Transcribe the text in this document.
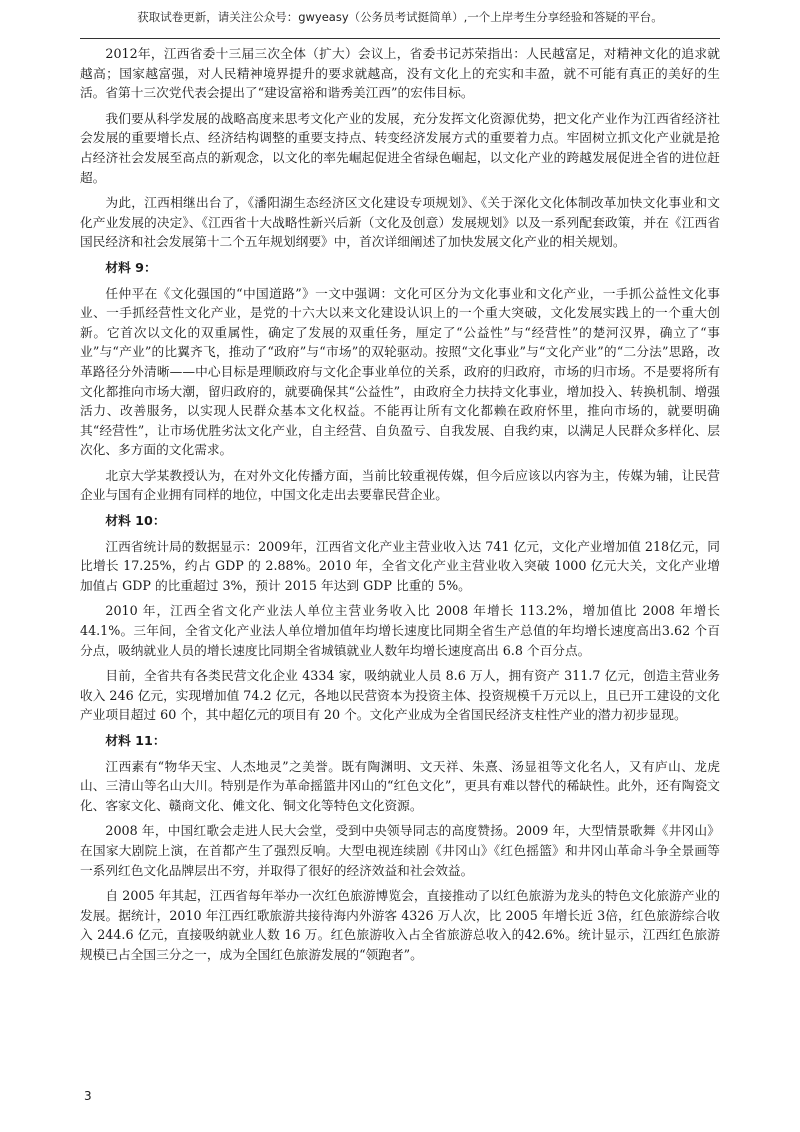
获取试卷更新，请关注公众号：gwyeasy（公务员考试挺简单）,一个上岸考生分享经验和答疑的平台。

2012年，江西省委十三届三次全体（扩大）会议上，省委书记苏荣指出：人民越富足，对精神文化的追求就越高；国家越富强，对人民精神境界提升的要求就越高，没有文化上的充实和丰盈，就不可能有真正的美好的生活。省第十三次党代表会提出了“建设富裕和谐秀美江西”的宏伟目标。

我们要从科学发展的战略高度来思考文化产业的发展，充分发挥文化资源优势，把文化产业作为江西省经济社会发展的重要增长点、经济结构调整的重要支持点、转变经济发展方式的重要着力点。牢固树立抓文化产业就是抢占经济社会发展至高点的新观念，以文化的率先崛起促进全省绿色崛起，以文化产业的跨越发展促进全省的进位赶超。

为此，江西相继出台了，《潘阳湖生态经济区文化建设专项规划》、《关于深化文化体制改革加快文化事业和文化产业发展的决定》、《江西省十大战略性新兴后新（文化及创意）发展规划》以及一系列配套政策，并在《江西省国民经济和社会发展第十二个五年规划纲要》中，首次详细阐述了加快发展文化产业的相关规划。

材料 9：

任仲平在《文化强国的“中国道路”》一文中强调：文化可区分为文化事业和文化产业，一手抓公益性文化事业、一手抓经营性文化产业，是党的十六大以来文化建设认识上的一个重大突破，文化发展实践上的一个重大创新。它首次以文化的双重属性，确定了发展的双重任务，厘定了“公益性”与“经营性”的楚河汉界，确立了“事业”与“产业”的比翼齐飞，推动了“政府”与“市场”的双轮驱动。按照“文化事业”与“文化产业”的“二分法”思路，改革路径分外清晰——中心目标是理顺政府与文化企事业单位的关系，政府的归政府，市场的归市场。不是要将所有文化都推向市场大潮，留归政府的，就要确保其“公益性”，由政府全力扶持文化事业，增加投入、转换机制、增强活力、改善服务，以实现人民群众基本文化权益。不能再让所有文化都赖在政府怀里，推向市场的，就要明确其“经营性”，让市场优胜劣汰文化产业，自主经营、自负盈亏、自我发展、自我约束，以满足人民群众多样化、层次化、多方面的文化需求。

北京大学某教授认为，在对外文化传播方面，当前比较重视传媒，但今后应该以内容为主，传媒为辅，让民营企业与国有企业拥有同样的地位，中国文化走出去要靠民营企业。

材料 10：

江西省统计局的数据显示：2009年，江西省文化产业主营业收入达 741 亿元，文化产业增加值 218亿元，同比增长 17.25%，约占 GDP 的 2.88%。2010 年，全省文化产业主营业收入突破 1000 亿元大关，文化产业增加值占 GDP 的比重超过 3%，预计 2015 年达到 GDP 比重的 5%。

2010 年，江西全省文化产业法人单位主营业务收入比 2008 年增长 113.2%，增加值比 2008 年增长44.1%。三年间，全省文化产业法人单位增加值年均增长速度比同期全省生产总值的年均增长速度高出3.62 个百分点，吸纳就业人员的增长速度比同期全省城镇就业人数年均增长速度高出 6.8 个百分点。

目前，全省共有各类民营文化企业 4334 家，吸纳就业人员 8.6 万人，拥有资产 311.7 亿元，创造主营业务收入 246 亿元，实现增加值 74.2 亿元，各地以民营资本为投资主体、投资规模千万元以上，且已开工建设的文化产业项目超过 60 个，其中超亿元的项目有 20 个。文化产业成为全省国民经济支柱性产业的潜力初步显现。

材料 11：

江西素有“物华天宝、人杰地灵”之美誉。既有陶渊明、文天祥、朱熹、汤显祖等文化名人，又有庐山、龙虎山、三清山等名山大川。特别是作为革命摇篮井冈山的“红色文化”，更具有难以替代的稀缺性。此外，还有陶瓷文化、客家文化、赣商文化、傩文化、铜文化等特色文化资源。

2008 年，中国红歌会走进人民大会堂，受到中央领导同志的高度赞扬。2009 年，大型情景歌舞《井冈山》在国家大剧院上演，在首都产生了强烈反响。大型电视连续剧《井冈山》《红色摇篮》和井冈山革命斗争全景画等一系列红色文化品牌层出不穷，并取得了很好的经济效益和社会效益。

自 2005 年其起，江西省每年举办一次红色旅游博览会，直接推动了以红色旅游为龙头的特色文化旅游产业的发展。据统计，2010 年江西红歌旅游共接待海内外游客 4326 万人次，比 2005 年增长近 3倍，红色旅游综合收入 244.6 亿元，直接吸纳就业人数 16 万。红色旅游收入占全省旅游总收入的42.6%。统计显示，江西红色旅游规模已占全国三分之一，成为全国红色旅游发展的“领跑者”。

3
